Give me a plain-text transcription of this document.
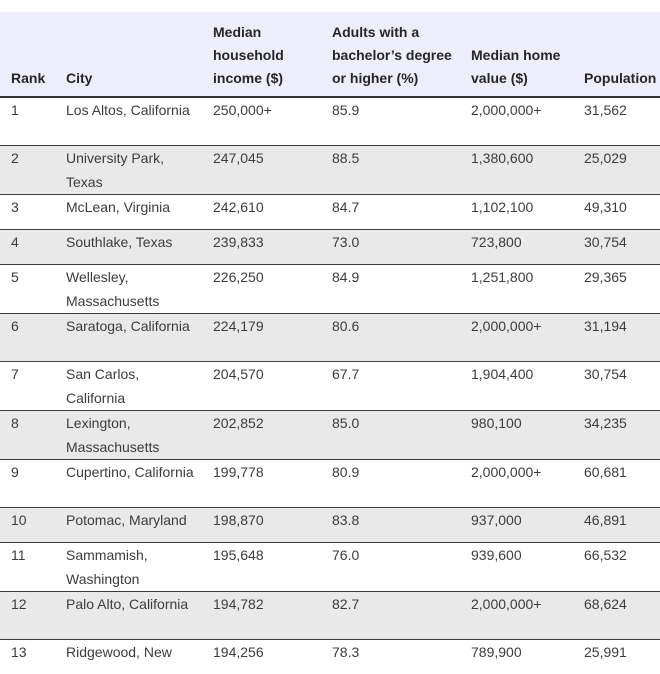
Rank	City	Median household income ($)	Adults with a bachelor’s degree or higher (%)	Median home value ($)	Population
1	Los Altos, California	250,000+	85.9	2,000,000+	31,562
2	University Park, Texas	247,045	88.5	1,380,600	25,029
3	McLean, Virginia	242,610	84.7	1,102,100	49,310
4	Southlake, Texas	239,833	73.0	723,800	30,754
5	Wellesley, Massachusetts	226,250	84.9	1,251,800	29,365
6	Saratoga, California	224,179	80.6	2,000,000+	31,194
7	San Carlos, California	204,570	67.7	1,904,400	30,754
8	Lexington, Massachusetts	202,852	85.0	980,100	34,235
9	Cupertino, California	199,778	80.9	2,000,000+	60,681
10	Potomac, Maryland	198,870	83.8	937,000	46,891
11	Sammamish, Washington	195,648	76.0	939,600	66,532
12	Palo Alto, California	194,782	82.7	2,000,000+	68,624
13	Ridgewood, New	194,256	78.3	789,900	25,991
